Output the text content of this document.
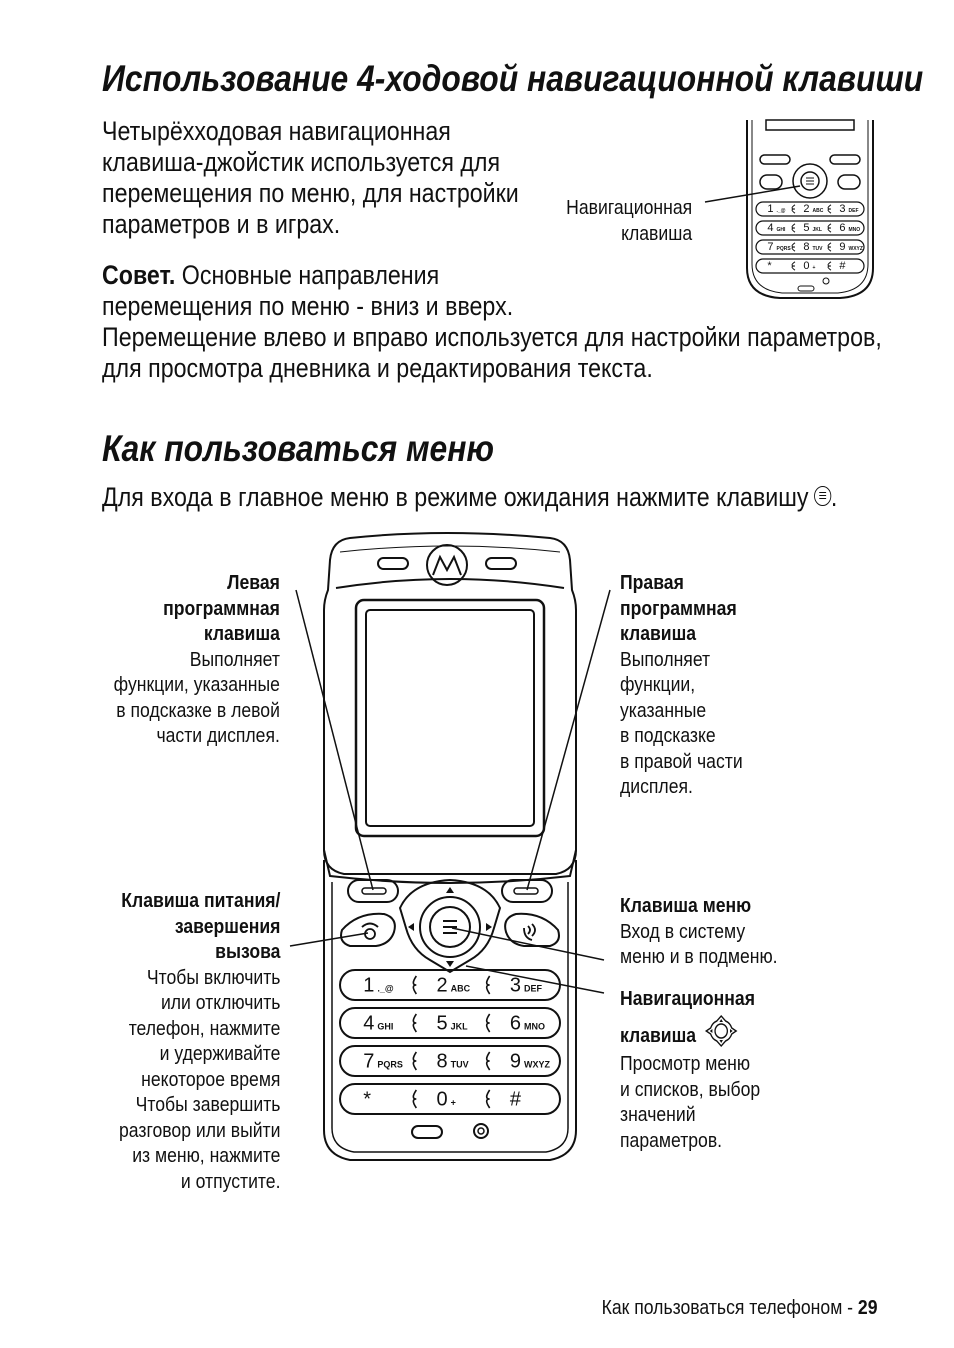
Использование 4-ходовой навигационной клавиши
Четырёхходовая навигационная
клавиша-джойстик используется для
перемещения по меню, для настройки
параметров и в играх.
Совет. Основные направления
перемещения по меню - вниз и вверх.
Перемещение влево и вправо используется для настройки параметров,
для просмотра дневника и редактирования текста.
Навигационная
клавиша
1 ._@ 2 ABC 3 DEF
4 GHI 5 JKL 6 MNO
7 PQRS 8 TUV 9 WXYZ
*	0 + #
Как пользоваться меню
Для входа в главное меню в режиме ожидания нажмите клавишу .
Левая
программная
клавиша
Выполняет
функции, указанные
в подсказке в левой
части дисплея.
Клавиша питания/
завершения
вызова
Чтобы включить
или отключить
телефон, нажмите
и удерживайте
некоторое время
Чтобы завершить
разговор или выйти
из меню, нажмите
и отпустите.
Правая
программная
клавиша
Выполняет
функции,
указанные
в подсказке
в правой части
дисплея.
Клавиша меню
Вход в систему
меню и в подменю.
Навигационная
клавиша
Просмотр меню
и списков, выбор
значений
параметров.
1 ._@ 2 ABC 3 DEF
4 GHI 5 JKL 6 MNO
7 PQRS 8 TUV 9 WXYZ
*	0 +	#
Как пользоваться телефоном - 29
